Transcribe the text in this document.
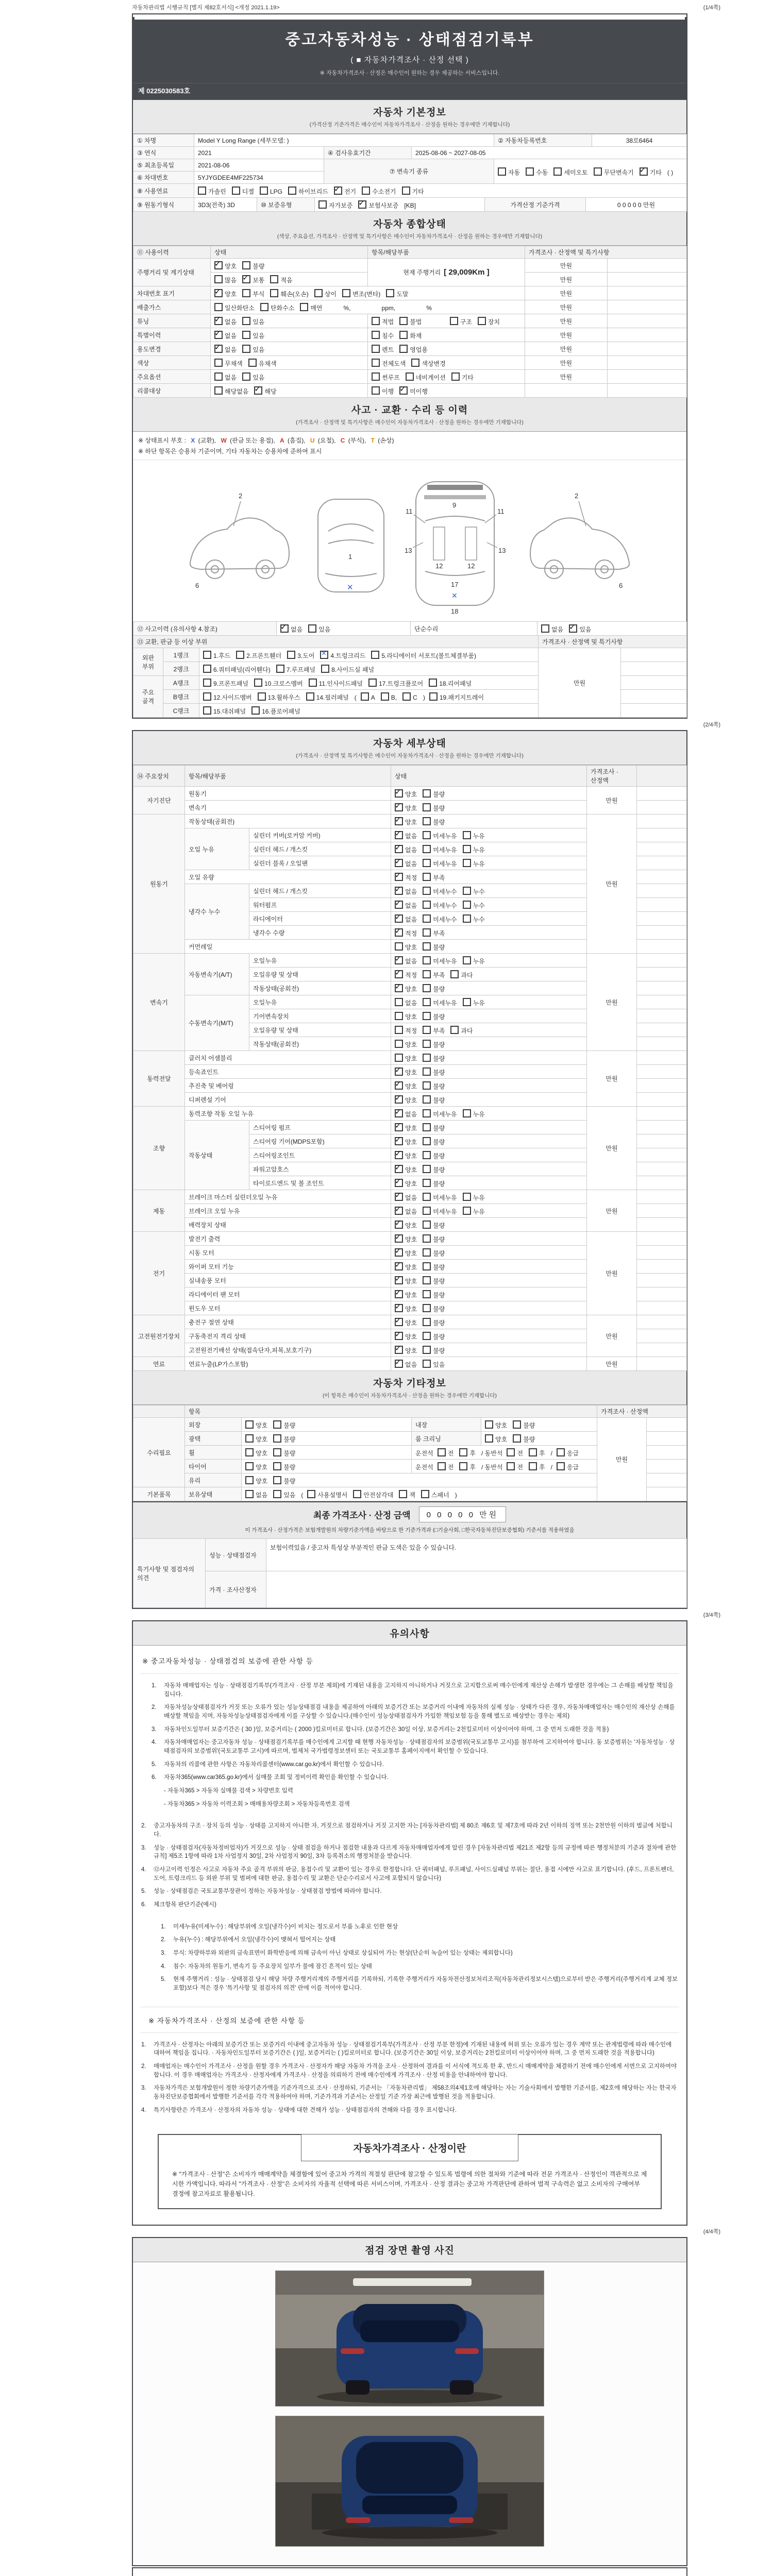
자동차관리법 시행규칙 [별지 제82호서식] <개정 2021.1.19>	(1/4쪽)
중고자동차성능 · 상태점검기록부
( ■ 자동차가격조사 · 산정 선택 )
※ 자동차가격조사 · 산정은 매수인이 원하는 경우 제공하는 서비스입니다.
제 0225030583호
자동차 기본정보
(가격산정 기준가격은 매수인이 자동차가격조사 · 산정을 원하는 경우에만 기재합니다)
① 차명	Model Y Long Range (세부모델: )			② 자동차등록번호	38로6464
③ 연식	2021	④ 검사유효기간	2025-08-06 ~ 2027-08-05		
⑤ 최초등록일	2021-08-06	⑦ 변속기 종류		자동 수동 세미오토 무단변속기 ✓ 기타 ( )
⑥ 차대번호	5YJYGDEE4MF225734				
⑧ 사용연료	가솔린 디젤 LPG 하이브리드 ✓ 전기 수소전기 기타
⑨ 원동기형식	3D3(전축) 3D	⑩ 보증유형	자가보증 ✓	보험사보증 [KB]	가격산정 기준가격	0 0 0 0 0 만원
자동차 종합상태
(색상, 주요옵션, 가격조사 · 산정액 및 특기사항은 매수인이 자동차가격조사 · 산정을 원하는 경우에만 기재합니다)
⑪ 사용이력	상태	항목/해당부품	가격조사 · 산정액 및 특기사항	
주행거리 및 계기상태	✓양호 불량	현재 주행거리 [ 29,009Km ]	만원	
	많음 ✓ 보통 적음		만원	
차대번호 표기	✓양호 부식 훼손(오손) 상이 변조(변타) 도말		만원	
배출가스	일산화탄소 탄화수소 매연 %, ppm, %		만원	
튜닝	✓없음 있음	적법 불법 구조 장치	만원	
특별이력	✓없음 있음	침수 화재	만원	
용도변경	✓없음 있음	렌트 영업용	만원	
색상	무채색 유채색	전체도색 색상변경	만원	
주요옵션	없음 있음	썬루프 네비게이션 기타	만원	
리콜대상	해당없음 ✓ 해당	이행 ✓ 미이행		
사고 · 교환 · 수리 등 이력
(가격조사 · 산정액 및 특기사항은 매수인이 자동차가격조사 · 산정을 원하는 경우에만 기재합니다)
※ 상태표시 부호 : X (교환), W (판금 또는 용접), A (흠집), U (요철), C (부식), T (손상)
※ 하단 항목은 승용차 기준이며, 기타 자동차는 승용차에 준하여 표시
2
6
1
✕
11	11
9
13	13
12	12
17
18
✕
2
6
⑫ 사고이력 (유의사항 4.참조)	✓없음	있음	단순수리	없음 ✓	있음
⑬ 교환, 판금 등 이상 부위			가격조사 · 산정액 및 특기사항	
외판 부위	1랭크	1.후드 2.프론트휀더 3.도어 ✕ 4.트렁크리드 5.라디에이터 서포트(볼트체결부품)	만원	
	2랭크	6.쿼터패널(리어휀다) 7.루프패널 8.사이드실 패널		
주요 골격	A랭크	9.프론트패널 10.크로스멤버 11.인사이드패널 17.트렁크플로어 18.리어패널		
	B랭크	12.사이드멤버 13.휠하우스 14.필러패널 ( A B, C ) 19.패키지트레이		
	C랭크	15.대쉬패널 16.플로어패널		
(2/4쪽)
자동차 세부상태
(가격조사 · 산정액 및 특기사항은 매수인이 자동차가격조사 · 산정을 원하는 경우에만 기재합니다)
⑭ 주요장치	항목/해당부품		상태	가격조사 · 산정액	
자기진단	원동기	✓양호 불량	만원	
	변속기	✓양호 불량	
원동기	작동상태(공회전)	✓양호 불량	만원	
	오일 누유	실린더 커버(로커암 커버)	✓없음 미세누유 누유	
		실린더 헤드 / 개스킷	✓없음 미세누유 누유	
		실린더 블록 / 오일팬	✓없음 미세누유 누유	
	오일 유량	✓적정 부족	
	냉각수 누수	실린더 헤드 / 개스킷	✓없음 미세누수 누수	
		워터펌프	✓없음 미세누수 누수	
		라디에이터	✓없음 미세누수 누수	
		냉각수 수량	✓적정 부족	
	커먼레일		양호 불량		
변속기	자동변속기(A/T)	오일누유	✓없음 미세누유 누유	만원	
		오일유량 및 상태	✓적정 부족 과다	
		작동상태(공회전)	✓양호 불량	
	수동변속기(M/T)	오일누유	없음 미세누유 누유		
		기어변속장치	양호 불량		
		오일유량 및 상태	적정 부족 과다		
		작동상태(공회전)	양호 불량		
동력전달	클러치 어셈블리		양호 불량	만원	
	등속죠인트	✓양호 불량	
	추진축 및 베어링	✓양호 불량	
	디퍼렌설 기어	✓양호 불량	
조향	동력조향 작동 오일 누유	✓없음 미세누유 누유	만원	
	작동상태	스티어링 펌프	✓양호 불량	
		스티어링 기어(MDPS포함)	✓양호 불량	
		스티어링조인트	✓양호 불량	
		파워고압호스	✓양호 불량	
		타이로드엔드 및 볼 조인트	✓양호 불량	
제동	브레이크 마스터 실린더오일 누유	✓없음 미세누유 누유	만원	
	브레이크 오일 누유	✓없음 미세누유 누유	
	배력장치 상태	✓양호 불량	
전기	발전기 출력	✓양호 불량	만원	
	시동 모터	✓양호 불량	
	와이퍼 모터 기능	✓양호 불량	
	실내송풍 모터	✓양호 불량	
	라디에이터 팬 모터	✓양호 불량	
	윈도우 모터	✓양호 불량	
고전원전기장치	충전구 절연 상태	✓양호 불량	만원	
	구동축전지 격리 상태	✓양호 불량	
	고전원전기배선 상태(접속단자,피복,보호기구)	✓양호 불량	
연료	연료누출(LP가스포함)	✓없음 있음	만원	
자동차 기타정보
(이 항목은 매수인이 자동차가격조사 · 산정을 원하는 경우에만 기재합니다)
	항목				가격조사 · 산정액	
수리필요	외장	양호 불량	내장	양호 불량	만원	
	광택	양호 불량	룸 크리닝	양호 불량		
	휠	양호 불량	운전석 전 후 / 동반석 전 후 / 응급			
	타이어	양호 불량	운전석 전 후 / 동반석 전 후 / 응급			
	유리	양호 불량				
기본품목	보유상태	없음 있음 ( 사용설명서 안전삼각대 잭 스패너 )				
최종 가격조사 · 산정 금액	0 0 0 0 0 만원
이 가격조사 · 산정가격은 보험개발원의 차량기준가액을 바탕으로 한 기준가격과 (□기술사회, □한국자동차진단보증협회) 기준서를 적용하였음
특기사항 및 점검자의 의견	성능 · 상태점검자	보험이력있음 / 중고차 특성상 부분적인 판금 도색은 있을 수 있습니다.
	가격 · 조사산정자	
(3/4쪽)
유의사항
※ 중고자동차성능 · 상태점검의 보증에 관한 사항 등
1.	자동차 매매업자는 성능 · 상태점검기록부(가격조사 · 산정 부분 제외)에 기재된 내용을 고지하지 아니하거나 거짓으로 고지함으로써 매수인에게 재산상 손해가 발생한 경우에는 그 손해를 배상할 책임을 집니다.
2.	자동차성능상태점검자가 거짓 또는 오류가 있는 성능상태점검 내용을 제공하여 아래의 보증기간 또는 보증거리 이내에 자동차의 실제 성능 · 상태가 다른 경우, 자동차매매업자는 매수인의 재산상 손해를 배상할 책임을 지며, 자동차성능상태점검자에게 이를 구상할 수 있습니다.(매수인이 성능상태점검자가 가입한 책임보험 등을 통해 별도로 배상받는 경우는 제외)
3.	자동차인도일부터 보증기간은 ( 30 )일, 보증거리는 ( 2000 )킬로미터로 합니다. (보증기간은 30일 이상, 보증거리는 2천킬로미터 이상이어야 하며, 그 중 먼저 도래한 것을 적용)
4.	자동차매매업자는 중고자동차 성능 · 상태점검기록부를 매수인에게 고지할 때 현행 자동차성능 · 상태점검자의 보증범위(국토교통부 고시)를 첨부하여 고지하여야 합니다. 동 보증범위는 '자동차성능 · 상태점검자의 보증범위'(국토교통부 고시)에 따르며, 법제처 국가법령정보센터 또는 국토교통부 홈페이지에서 확인할 수 있습니다.
5.	자동차의 리콜에 관한 사항은 자동차리콜센터(www.car.go.kr)에서 확인할 수 있습니다.
6.	자동차365(www.car365.go.kr)에서 실매물 조회 및 정비이력 확인을 확인할 수 있습니다.
- 자동차365 > 자동차 실매물 검색 > 차량번호 입력
- 자동차365 > 자동차 이력조회 > 매매용차량조회 > 자동차등록번호 검색
2.	중고자동차의 구조 · 장치 등의 성능 · 상태를 고지하지 아니한 자, 거짓으로 점검하거나 거짓 고지한 자는 [자동차관리법] 제 80조 제6호 및 제7호에 따라 2년 이하의 징역 또는 2천만원 이하의 벌금에 처합니다.
3.	성능 · 상태점검자(자동차정비업자)가 거짓으로 성능 · 상태 점검을 하거나 점검한 내용과 다르게 자동차매매업자에게 알린 경우 [자동차관리법 제21조 제2항 등의 규정에 따른 행정처분의 기준과 절차에 관한 규칙] 제5조 1항에 따라 1차 사업정지 30일, 2차 사업정지 90일, 3차 등록취소의 행정처분을 받습니다.
4.	⑫사고이력 인정은 사고로 자동차 주요 골격 부위의 판금, 용접수리 및 교환이 있는 경우로 한정합니다. 단 쿼터패널, 루프패널, 사이드실패널 부위는 절단, 용접 시에만 사고로 표기합니다. (후드, 프론트펜더, 도어, 트렁크리드 등 외판 부위 및 범퍼에 대한 판금, 용접수리 및 교환은 단순수리로서 사고에 포함되지 않습니다)
5.	성능 · 상태점검은 국토교통부장관이 정하는 자동차성능 · 상태점검 방법에 따라야 합니다.
6.	체크항목 판단기준(예시)
1.	미세누유(미세누수) : 해당부위에 오일(냉각수)이 비치는 정도로서 부품 노후로 인한 현상
2.	누유(누수) : 해당부위에서 오일(냉각수)이 맺혀서 떨어지는 상태
3.	부식: 차량하부와 외판의 금속표면이 화학반응에 의해 금속이 아닌 상태로 상실되어 가는 현상(단순히 녹슬어 있는 상태는 제외합니다)
4.	침수: 자동차의 원동기, 변속기 등 주요장치 일부가 물에 잠긴 흔적이 있는 상태
5.	현재 주행거리 : 성능 · 상태점검 당시 해당 차량 주행거리계의 주행거리를 기록하되, 기록한 주행거리가 자동차전산정보처리조직(자동차관리정보시스템)으로부터 받은 주행거리(주행거리계 교체 정보 포함)보다 적은 경우 '특기사항 및 점검자의 의견' 란에 이를 적어야 합니다.
※ 자동차가격조사 · 산정의 보증에 관한 사항 등
1.	가격조사 · 산정자는 아래의 보증기간 또는 보증거리 이내에 중고자동차 성능 · 상태점검기록부(가격조사 · 산정 부분 한정)에 기재된 내용에 허위 또는 오류가 있는 경우 계약 또는 관계법령에 따라 매수인에 대하여 책임을 집니다. · 자동차인도일부터 보증기간은 ( )일, 보증거리는 ( )킬로미터로 합니다. (보증기간은 30일 이상, 보증거리는 2천킬로미터 이상이어야 하며, 그 중 먼저 도래한 것을 적용합니다)
2.	매매업자는 매수인이 가격조사 · 산정을 원할 경우 가격조사 · 산정자가 해당 자동차 가격을 조사 · 산정하여 결과를 이 서식에 적도록 한 후, 반드시 매매계약을 체결하기 전에 매수인에게 서면으로 고지하여야 합니다. 이 경우 매매업자는 가격조사 · 산정자에게 가격조사 · 산정을 의뢰하기 전에 매수인에게 가격조사 · 산정 비용을 안내하여야 합니다.
3.	자동차가격은 보험개발원이 정한 차량기준가액을 기준가격으로 조사 · 산정하되, 기준서는 「자동차관리법」 제58조의4제1호에 해당하는 자는 기술사회에서 발행한 기준서를, 제2호에 해당하는 자는 한국자동차진단보증협회에서 발행한 기준서를 각각 적용하여야 하며, 기준가격과 기준서는 산정일 기준 가장 최근에 발행된 것을 적용합니다.
4.	특기사항란은 가격조사 · 산정자의 자동차 성능 · 상태에 대한 견해가 성능 · 상태점검자의 견해와 다를 경우 표시합니다.
자동차가격조사 · 산정이란
※ "가격조사 · 산정"은 소비자가 매매계약을 체결함에 있어 중고차 가격의 적절성 판단에 참고할 수 있도록 법령에 의한 절차와 기준에 따라 전문 가격조사 · 산정인이 객관적으로 제시한 가액입니다. 따라서 "가격조사 · 산정"은 소비자의 자율적 선택에 따른 서비스이며, 가격조사 · 산정 결과는 중고차 가격판단에 관하여 법적 구속력은 없고 소비자의 구매여부 결정에 참고자료로 활용됩니다.
(4/4쪽)
점검 장면 촬영 사진
